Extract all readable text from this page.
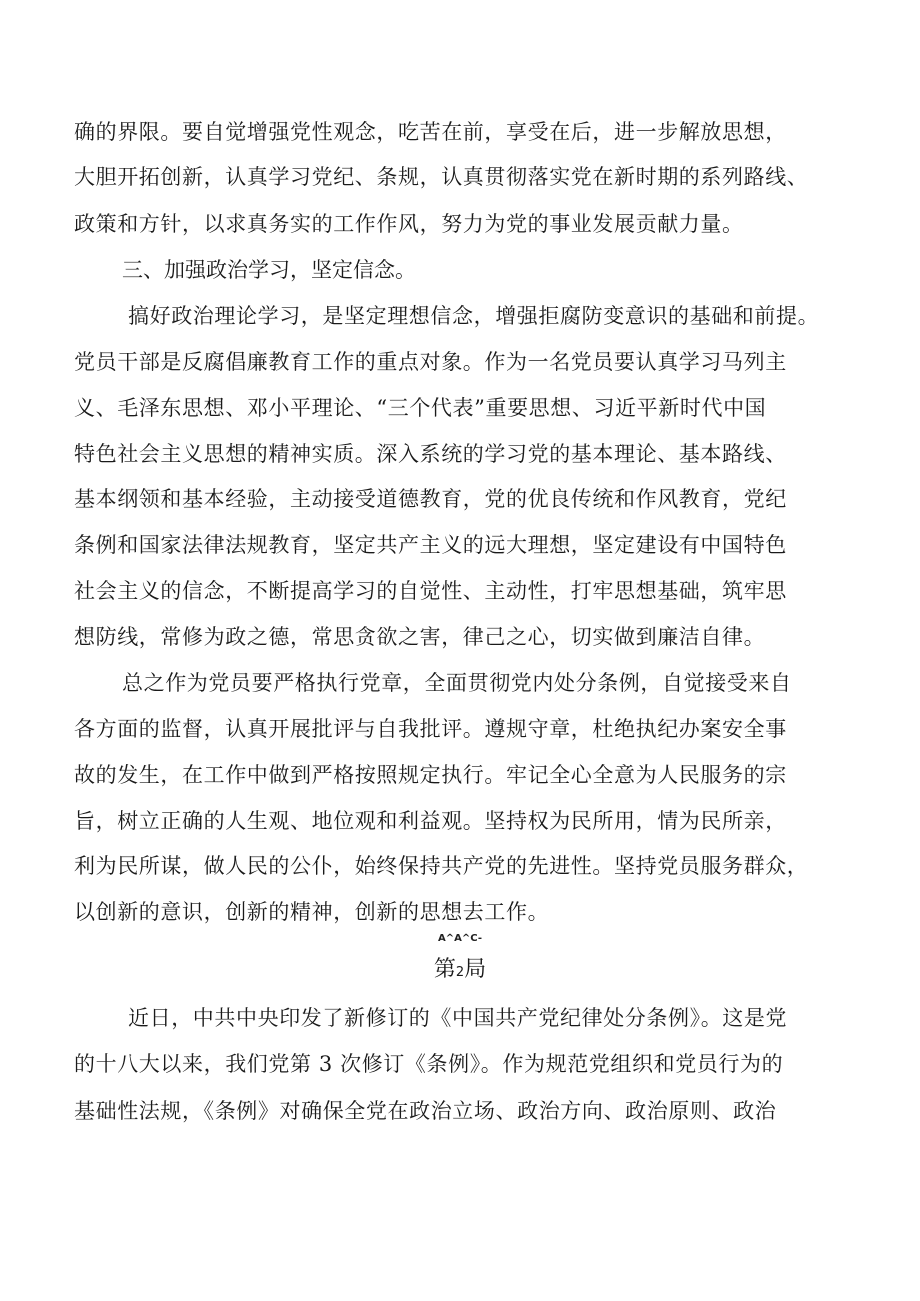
确的界限。要自觉增强党性观念，吃苦在前，享受在后，进一步解放思想，
大胆开拓创新，认真学习党纪、条规，认真贯彻落实党在新时期的系列路线、
政策和方针，以求真务实的工作作风，努力为党的事业发展贡献力量。
三、加强政治学习，坚定信念。
搞好政治理论学习，是坚定理想信念，增强拒腐防变意识的基础和前提。
党员干部是反腐倡廉教育工作的重点对象。作为一名党员要认真学习马列主
义、毛泽东思想、邓小平理论、“三个代表”重要思想、习近平新时代中国
特色社会主义思想的精神实质。深入系统的学习党的基本理论、基本路线、
基本纲领和基本经验，主动接受道德教育，党的优良传统和作风教育，党纪
条例和国家法律法规教育，坚定共产主义的远大理想，坚定建设有中国特色
社会主义的信念，不断提高学习的自觉性、主动性，打牢思想基础，筑牢思
想防线，常修为政之德，常思贪欲之害，律己之心，切实做到廉洁自律。
总之作为党员要严格执行党章，全面贯彻党内处分条例，自觉接受来自
各方面的监督，认真开展批评与自我批评。遵规守章，杜绝执纪办案安全事
故的发生，在工作中做到严格按照规定执行。牢记全心全意为人民服务的宗
旨，树立正确的人生观、地位观和利益观。坚持权为民所用，情为民所亲，
利为民所谋，做人民的公仆，始终保持共产党的先进性。坚持党员服务群众，
以创新的意识，创新的精神，创新的思想去工作。
A^A^C-
第2局
近日，中共中央印发了新修订的《中国共产党纪律处分条例》。这是党
的十八大以来，我们党第 3 次修订《条例》。作为规范党组织和党员行为的
基础性法规，《条例》对确保全党在政治立场、政治方向、政治原则、政治
